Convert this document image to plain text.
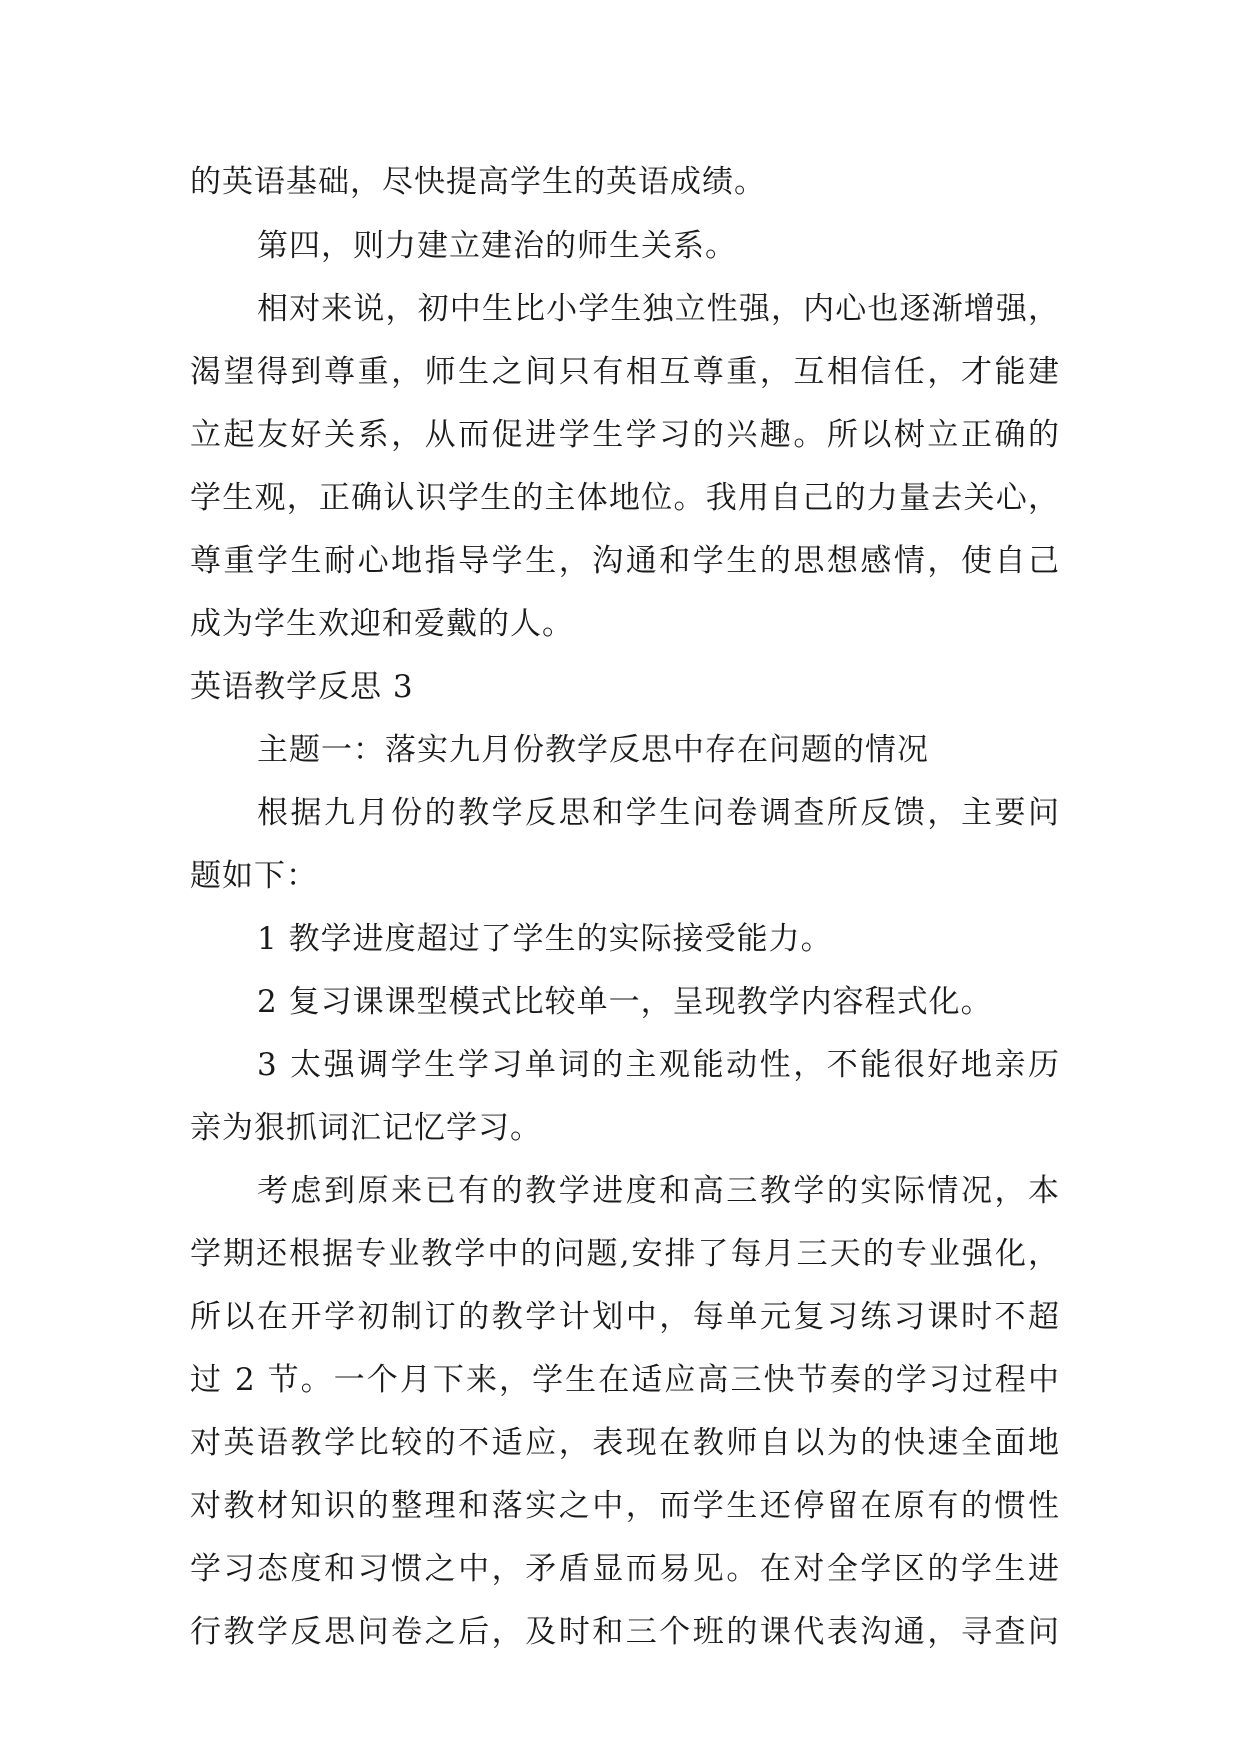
的英语基础，尽快提高学生的英语成绩。
第四，则力建立建治的师生关系。
相对来说，初中生比小学生独立性强，内心也逐渐增强，
渴望得到尊重，师生之间只有相互尊重，互相信任，才能建
立起友好关系，从而促进学生学习的兴趣。所以树立正确的
学生观，正确认识学生的主体地位。我用自己的力量去关心，
尊重学生耐心地指导学生，沟通和学生的思想感情，使自己
成为学生欢迎和爱戴的人。
英语教学反思 3
主题一：落实九月份教学反思中存在问题的情况
根据九月份的教学反思和学生问卷调查所反馈，主要问
题如下：
1 教学进度超过了学生的实际接受能力。
2 复习课课型模式比较单一，呈现教学内容程式化。
3 太强调学生学习单词的主观能动性，不能很好地亲历
亲为狠抓词汇记忆学习。
考虑到原来已有的教学进度和高三教学的实际情况，本
学期还根据专业教学中的问题,安排了每月三天的专业强化，
所以在开学初制订的教学计划中，每单元复习练习课时不超
过 2 节。一个月下来，学生在适应高三快节奏的学习过程中
对英语教学比较的不适应，表现在教师自以为的快速全面地
对教材知识的整理和落实之中，而学生还停留在原有的惯性
学习态度和习惯之中，矛盾显而易见。在对全学区的学生进
行教学反思问卷之后，及时和三个班的课代表沟通，寻查问
